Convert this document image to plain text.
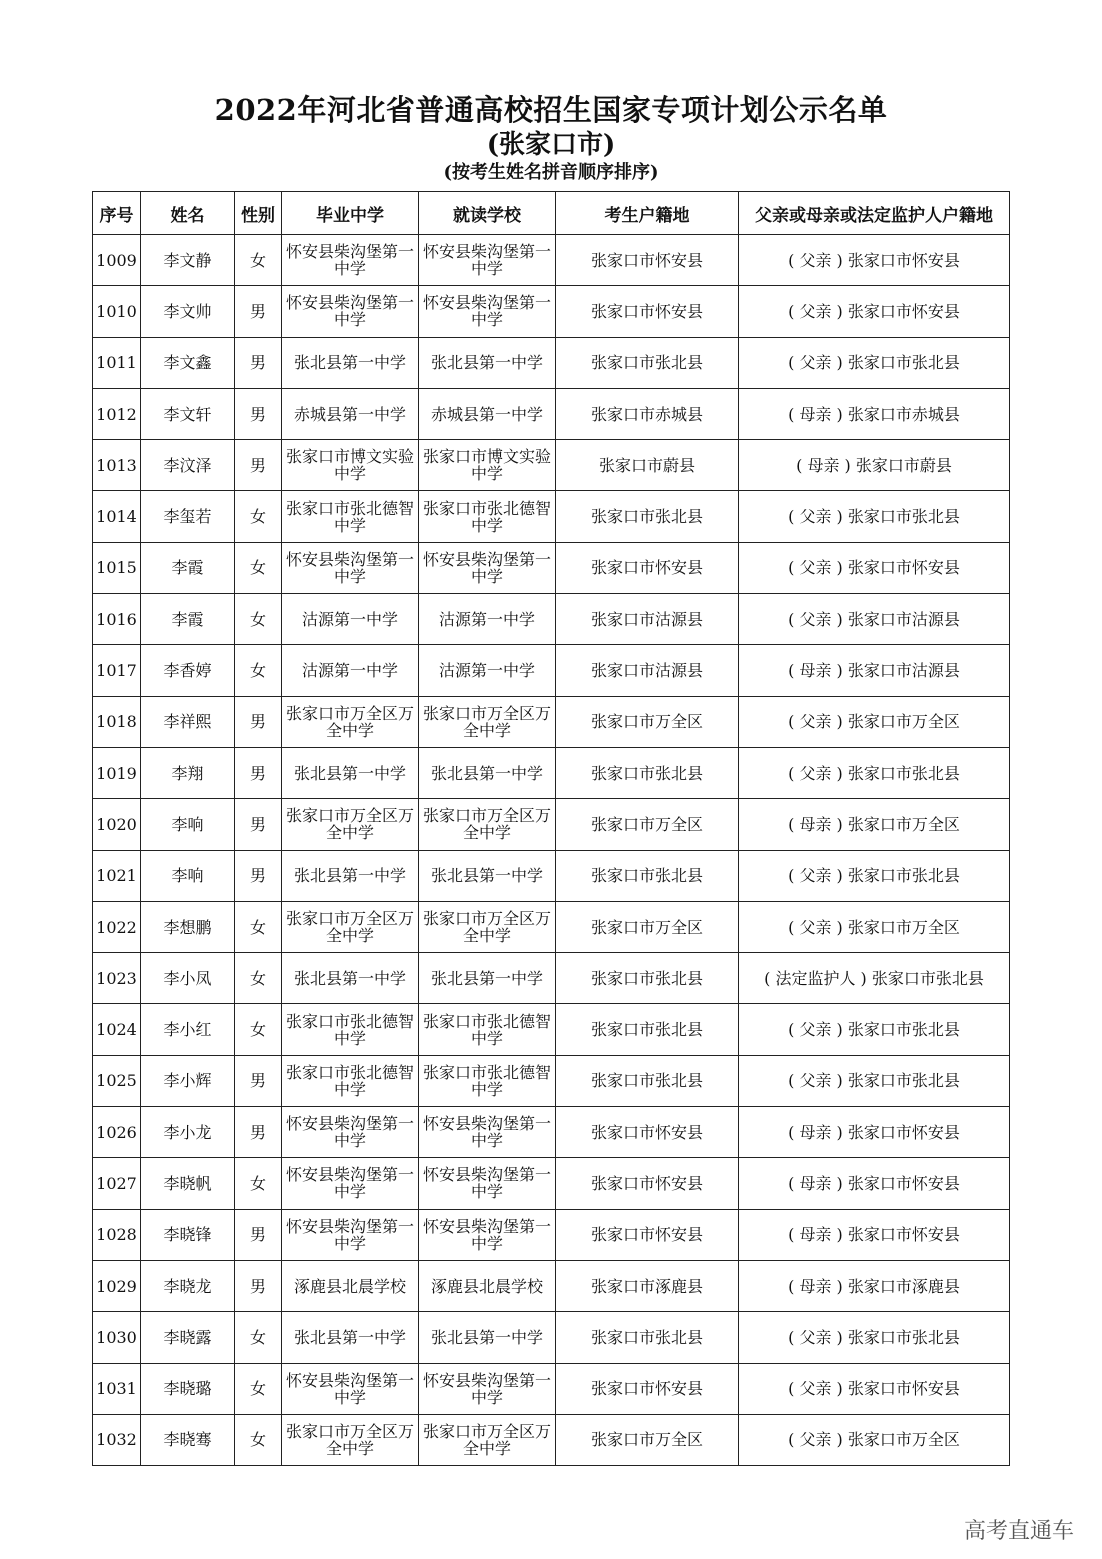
2022年河北省普通高校招生国家专项计划公示名单
(张家口市)
(按考生姓名拼音顺序排序)
序号	姓名	性别	毕业中学	就读学校	考生户籍地	父亲或母亲或法定监护人户籍地
1009	李文静	女	怀安县柴沟堡第一中学	怀安县柴沟堡第一中学	张家口市怀安县	( 父亲 ) 张家口市怀安县
1010	李文帅	男	怀安县柴沟堡第一中学	怀安县柴沟堡第一中学	张家口市怀安县	( 父亲 ) 张家口市怀安县
1011	李文鑫	男	张北县第一中学	张北县第一中学	张家口市张北县	( 父亲 ) 张家口市张北县
1012	李文轩	男	赤城县第一中学	赤城县第一中学	张家口市赤城县	( 母亲 ) 张家口市赤城县
1013	李汶泽	男	张家口市博文实验中学	张家口市博文实验中学	张家口市蔚县	( 母亲 ) 张家口市蔚县
1014	李玺若	女	张家口市张北德智中学	张家口市张北德智中学	张家口市张北县	( 父亲 ) 张家口市张北县
1015	李霞	女	怀安县柴沟堡第一中学	怀安县柴沟堡第一中学	张家口市怀安县	( 父亲 ) 张家口市怀安县
1016	李霞	女	沽源第一中学	沽源第一中学	张家口市沽源县	( 父亲 ) 张家口市沽源县
1017	李香婷	女	沽源第一中学	沽源第一中学	张家口市沽源县	( 母亲 ) 张家口市沽源县
1018	李祥熙	男	张家口市万全区万全中学	张家口市万全区万全中学	张家口市万全区	( 父亲 ) 张家口市万全区
1019	李翔	男	张北县第一中学	张北县第一中学	张家口市张北县	( 父亲 ) 张家口市张北县
1020	李响	男	张家口市万全区万全中学	张家口市万全区万全中学	张家口市万全区	( 母亲 ) 张家口市万全区
1021	李响	男	张北县第一中学	张北县第一中学	张家口市张北县	( 父亲 ) 张家口市张北县
1022	李想鹏	女	张家口市万全区万全中学	张家口市万全区万全中学	张家口市万全区	( 父亲 ) 张家口市万全区
1023	李小凤	女	张北县第一中学	张北县第一中学	张家口市张北县	( 法定监护人 ) 张家口市张北县
1024	李小红	女	张家口市张北德智中学	张家口市张北德智中学	张家口市张北县	( 父亲 ) 张家口市张北县
1025	李小辉	男	张家口市张北德智中学	张家口市张北德智中学	张家口市张北县	( 父亲 ) 张家口市张北县
1026	李小龙	男	怀安县柴沟堡第一中学	怀安县柴沟堡第一中学	张家口市怀安县	( 母亲 ) 张家口市怀安县
1027	李晓帆	女	怀安县柴沟堡第一中学	怀安县柴沟堡第一中学	张家口市怀安县	( 母亲 ) 张家口市怀安县
1028	李晓锋	男	怀安县柴沟堡第一中学	怀安县柴沟堡第一中学	张家口市怀安县	( 母亲 ) 张家口市怀安县
1029	李晓龙	男	涿鹿县北晨学校	涿鹿县北晨学校	张家口市涿鹿县	( 母亲 ) 张家口市涿鹿县
1030	李晓露	女	张北县第一中学	张北县第一中学	张家口市张北县	( 父亲 ) 张家口市张北县
1031	李晓璐	女	怀安县柴沟堡第一中学	怀安县柴沟堡第一中学	张家口市怀安县	( 父亲 ) 张家口市怀安县
1032	李晓骞	女	张家口市万全区万全中学	张家口市万全区万全中学	张家口市万全区	( 父亲 ) 张家口市万全区
高考直通车
